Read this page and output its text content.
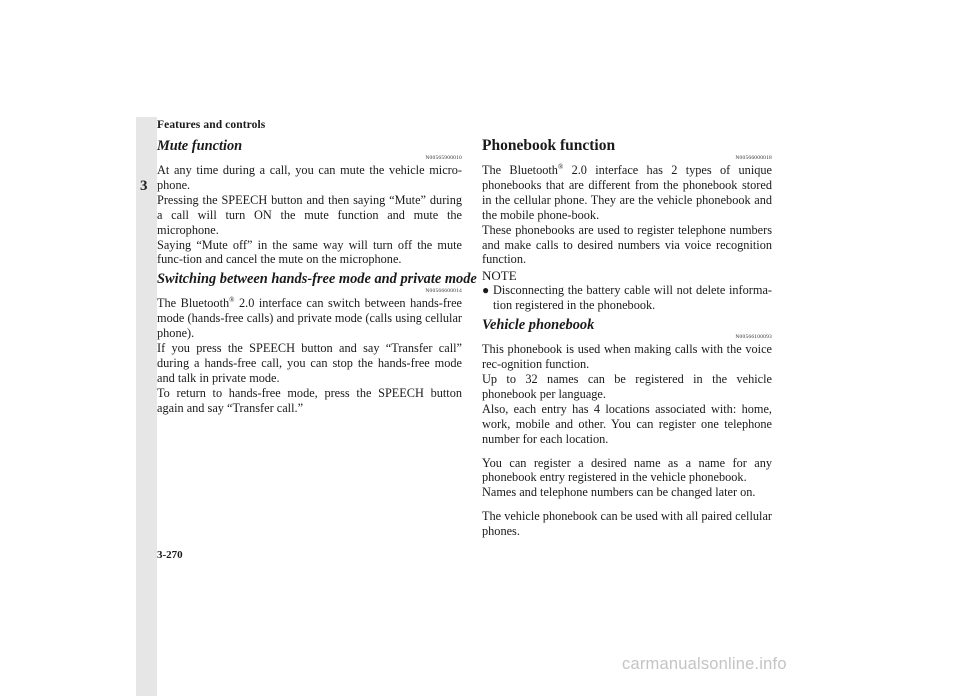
3
Features and controls
Mute function
N00565900010

At any time during a call, you can mute the vehicle micro-phone.

Pressing the SPEECH button and then saying “Mute” during a call will turn ON the mute function and mute the microphone.

Saying “Mute off” in the same way will turn off the mute func-tion and cancel the mute on the microphone.

Switching between hands-free mode and private mode
N00566600014

The Bluetooth® 2.0 interface can switch between hands-free mode (hands-free calls) and private mode (calls using cellular phone).

If you press the SPEECH button and say “Transfer call” during a hands-free call, you can stop the hands-free mode and talk in private mode.

To return to hands-free mode, press the SPEECH button again and say “Transfer call.”

Phonebook function
N00566000018

The Bluetooth® 2.0 interface has 2 types of unique phonebooks that are different from the phonebook stored in the cellular phone. They are the vehicle phonebook and the mobile phone-book.

These phonebooks are used to register telephone numbers and make calls to desired numbers via voice recognition function.

NOTE
● Disconnecting the battery cable will not delete informa-tion registered in the phonebook.
Vehicle phonebook
N00566100093

This phonebook is used when making calls with the voice rec-ognition function.

Up to 32 names can be registered in the vehicle phonebook per language.

Also, each entry has 4 locations associated with: home, work, mobile and other. You can register one telephone number for each location.

You can register a desired name as a name for any phonebook entry registered in the vehicle phonebook.

Names and telephone numbers can be changed later on.

The vehicle phonebook can be used with all paired cellular phones.

3-270
carmanualsonline.info
